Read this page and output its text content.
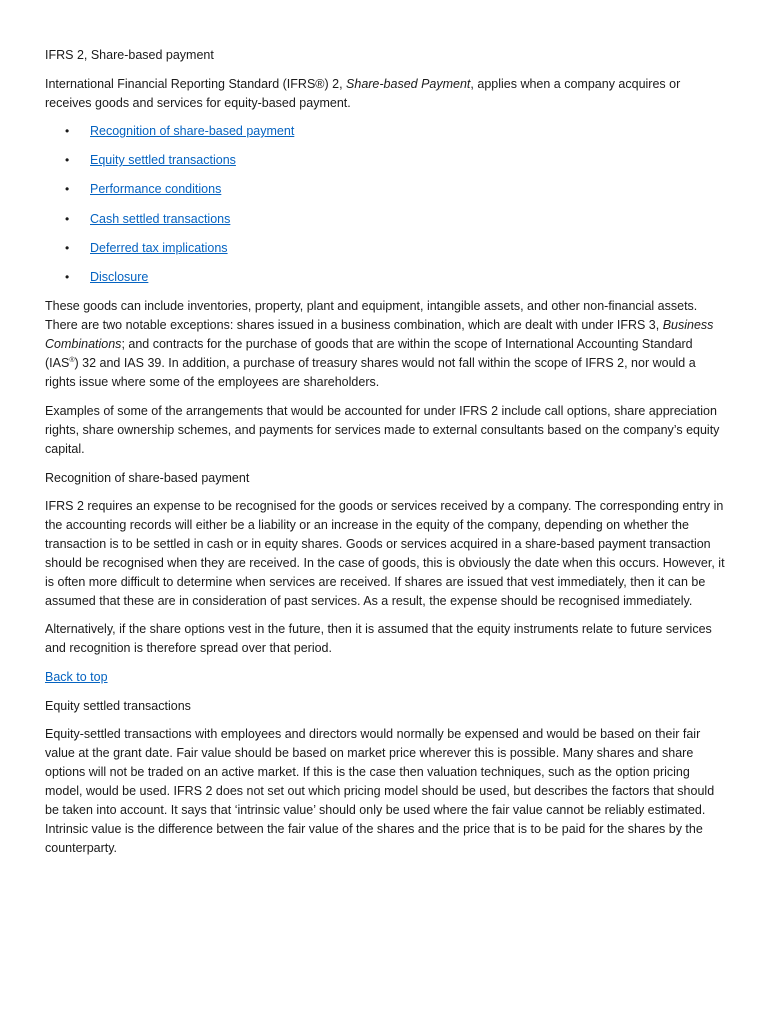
IFRS 2, Share-based payment

International Financial Reporting Standard (IFRS®) 2, Share-based Payment, applies when a company acquires or receives goods and services for equity-based payment.

• Recognition of share-based payment
• Equity settled transactions
• Performance conditions
• Cash settled transactions
• Deferred tax implications
• Disclosure

These goods can include inventories, property, plant and equipment, intangible assets, and other non-financial assets. There are two notable exceptions: shares issued in a business combination, which are dealt with under IFRS 3, Business Combinations; and contracts for the purchase of goods that are within the scope of International Accounting Standard (IAS®) 32 and IAS 39. In addition, a purchase of treasury shares would not fall within the scope of IFRS 2, nor would a rights issue where some of the employees are shareholders.

Examples of some of the arrangements that would be accounted for under IFRS 2 include call options, share appreciation rights, share ownership schemes, and payments for services made to external consultants based on the company’s equity capital.

Recognition of share-based payment

IFRS 2 requires an expense to be recognised for the goods or services received by a company. The corresponding entry in the accounting records will either be a liability or an increase in the equity of the company, depending on whether the transaction is to be settled in cash or in equity shares. Goods or services acquired in a share-based payment transaction should be recognised when they are received. In the case of goods, this is obviously the date when this occurs. However, it is often more difficult to determine when services are received. If shares are issued that vest immediately, then it can be assumed that these are in consideration of past services. As a result, the expense should be recognised immediately.

Alternatively, if the share options vest in the future, then it is assumed that the equity instruments relate to future services and recognition is therefore spread over that period.

Back to top

Equity settled transactions

Equity-settled transactions with employees and directors would normally be expensed and would be based on their fair value at the grant date. Fair value should be based on market price wherever this is possible. Many shares and share options will not be traded on an active market. If this is the case then valuation techniques, such as the option pricing model, would be used. IFRS 2 does not set out which pricing model should be used, but describes the factors that should be taken into account. It says that ‘intrinsic value’ should only be used where the fair value cannot be reliably estimated. Intrinsic value is the difference between the fair value of the shares and the price that is to be paid for the shares by the counterparty.
